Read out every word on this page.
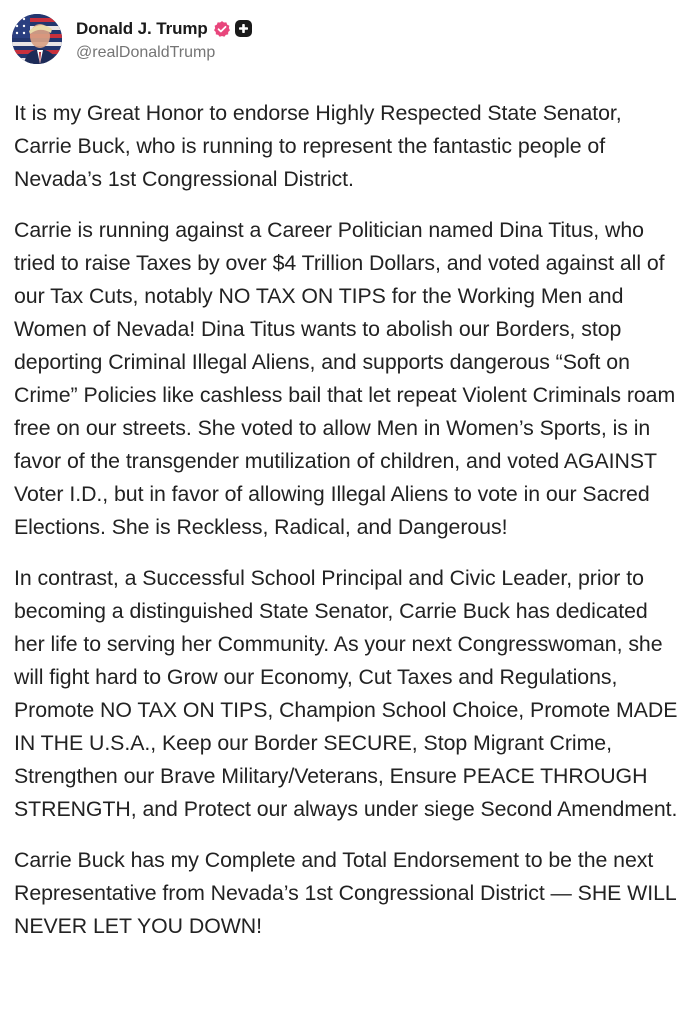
Donald J. Trump
@realDonaldTrump

It is my Great Honor to endorse Highly Respected State Senator, Carrie Buck, who is running to represent the fantastic people of Nevada’s 1st Congressional District.

Carrie is running against a Career Politician named Dina Titus, who tried to raise Taxes by over $4 Trillion Dollars, and voted against all of our Tax Cuts, notably NO TAX ON TIPS for the Working Men and Women of Nevada! Dina Titus wants to abolish our Borders, stop deporting Criminal Illegal Aliens, and supports dangerous “Soft on Crime” Policies like cashless bail that let repeat Violent Criminals roam free on our streets. She voted to allow Men in Women’s Sports, is in favor of the transgender mutilization of children, and voted AGAINST Voter I.D., but in favor of allowing Illegal Aliens to vote in our Sacred Elections. She is Reckless, Radical, and Dangerous!

In contrast, a Successful School Principal and Civic Leader, prior to becoming a distinguished State Senator, Carrie Buck has dedicated her life to serving her Community. As your next Congresswoman, she will fight hard to Grow our Economy, Cut Taxes and Regulations, Promote NO TAX ON TIPS, Champion School Choice, Promote MADE IN THE U.S.A., Keep our Border SECURE, Stop Migrant Crime, Strengthen our Brave Military/Veterans, Ensure PEACE THROUGH STRENGTH, and Protect our always under siege Second Amendment.

Carrie Buck has my Complete and Total Endorsement to be the next Representative from Nevada’s 1st Congressional District — SHE WILL NEVER LET YOU DOWN!
